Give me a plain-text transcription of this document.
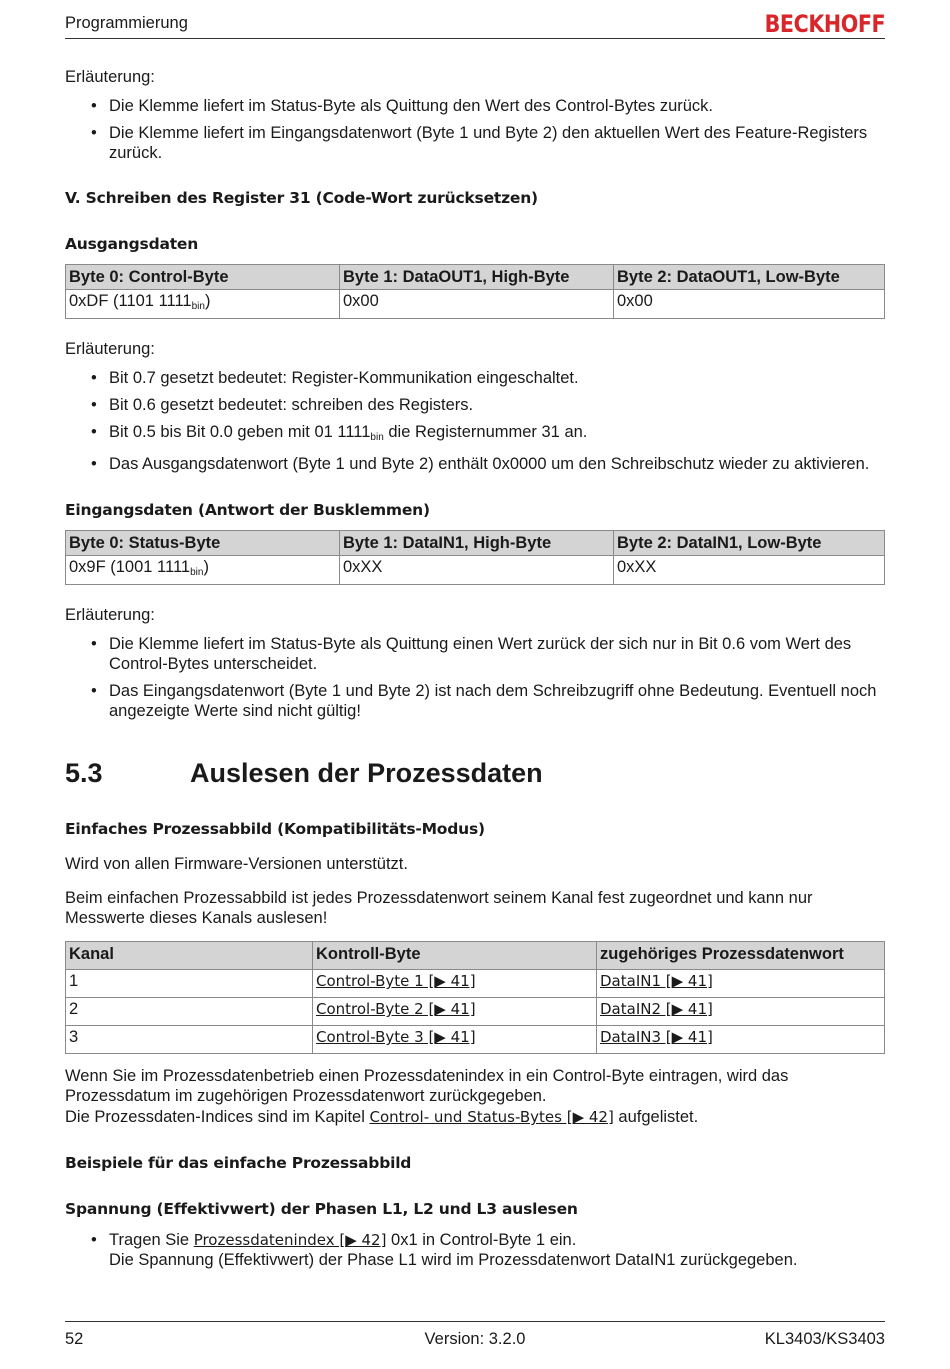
Programmierung	BECKHOFF

Erläuterung:

• Die Klemme liefert im Status-Byte als Quittung den Wert des Control-Bytes zurück.
• Die Klemme liefert im Eingangsdatenwort (Byte 1 und Byte 2) den aktuellen Wert des Feature-Registers zurück.
V. Schreiben des Register 31 (Code-Wort zurücksetzen)
Ausgangsdaten
Byte 0: Control-Byte	Byte 1: DataOUT1, High-Byte	Byte 2: DataOUT1, Low-Byte
0xDF (1101 $1111_{bin}$)	0x00	0x00

Erläuterung:

• Bit 0.7 gesetzt bedeutet: Register-Kommunikation eingeschaltet.
• Bit 0.6 gesetzt bedeutet: schreiben des Registers.
• Bit 0.5 bis Bit 0.0 geben mit 01 $1111_{bin}$ die Registernummer 31 an.
• Das Ausgangsdatenwort (Byte 1 und Byte 2) enthält 0x0000 um den Schreibschutz wieder zu aktivieren.
Eingangsdaten (Antwort der Busklemmen)
Byte 0: Status-Byte	Byte 1: DataIN1, High-Byte	Byte 2: DataIN1, Low-Byte
0x9F (1001 $1111_{bin}$)	0xXX	0xXX

Erläuterung:

• Die Klemme liefert im Status-Byte als Quittung einen Wert zurück der sich nur in Bit 0.6 vom Wert des Control-Bytes unterscheidet.
• Das Eingangsdatenwort (Byte 1 und Byte 2) ist nach dem Schreibzugriff ohne Bedeutung. Eventuell noch angezeigte Werte sind nicht gültig!
5.3	Auslesen der Prozessdaten
Einfaches Prozessabbild (Kompatibilitäts-Modus)

Wird von allen Firmware-Versionen unterstützt.

Beim einfachen Prozessabbild ist jedes Prozessdatenwort seinem Kanal fest zugeordnet und kann nur Messwerte dieses Kanals auslesen!

Kanal	Kontroll-Byte	zugehöriges Prozessdatenwort
1	Control-Byte 1 [▶ 41]	DataIN1 [▶ 41]
2	Control-Byte 2 [▶ 41]	DataIN2 [▶ 41]
3	Control-Byte 3 [▶ 41]	DataIN3 [▶ 41]

Wenn Sie im Prozessdatenbetrieb einen Prozessdatenindex in ein Control-Byte eintragen, wird das Prozessdatum im zugehörigen Prozessdatenwort zurückgegeben.

Die Prozessdaten-Indices sind im Kapitel Control- und Status-Bytes [▶ 42] aufgelistet.

Beispiele für das einfache Prozessabbild
Spannung (Effektivwert) der Phasen L1, L2 und L3 auslesen
• Tragen Sie Prozessdatenindex [▶ 42] 0x1 in Control-Byte 1 ein.
Die Spannung (Effektivwert) der Phase L1 wird im Prozessdatenwort DataIN1 zurückgegeben.
52	Version: 3.2.0	KL3403/KS3403
